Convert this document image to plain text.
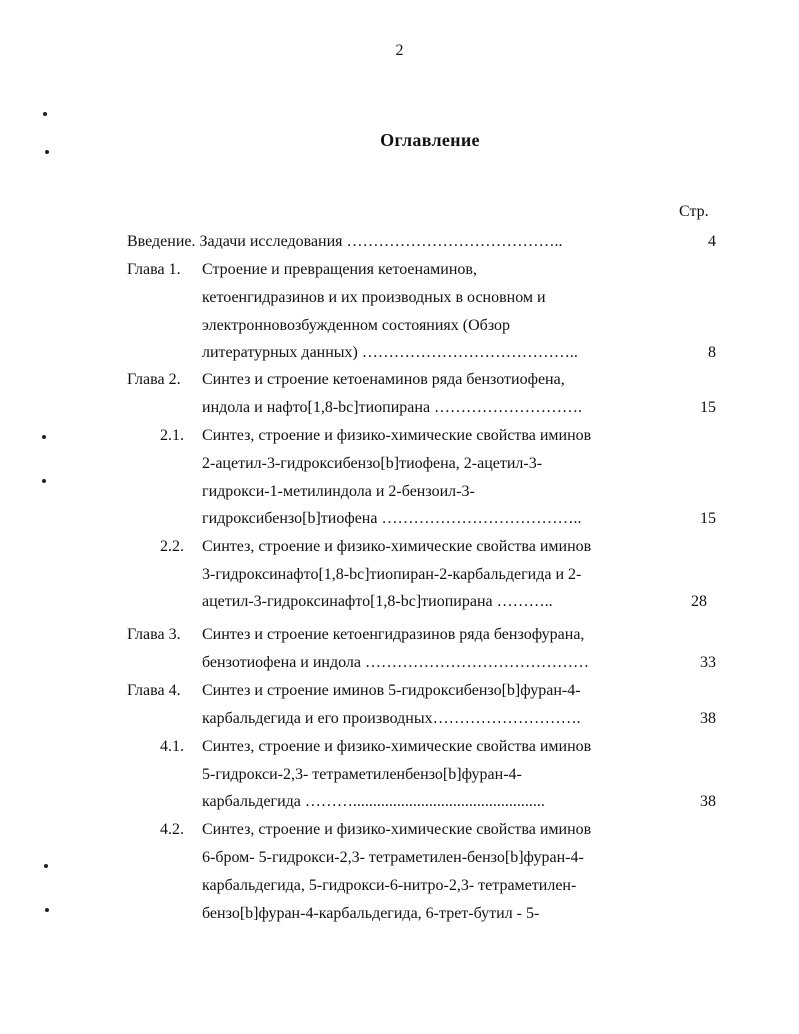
2
Оглавление
Стр.
Введение. Задачи исследования …………………………………..	4
Глава 1. Строение и превращения кетоенаминов,
кетоенгидразинов и их производных в основном и
электронновозбужденном состояниях (Обзор
литературных данных) …………………………………..	8
Глава 2. Синтез и строение кетоенаминов ряда бензотиофена,
индола и нафто[1,8-bc]тиопирана ……………………….	15
2.1. Синтез, строение и физико-химические свойства иминов
2-ацетил-3-гидроксибензо[b]тиофена, 2-ацетил-3-
гидрокси-1-метилиндола и 2-бензоил-3-
гидроксибензо[b]тиофена ………………………………..	15
2.2. Синтез, строение и физико-химические свойства иминов
3-гидроксинафто[1,8-bc]тиопиран-2-карбальдегида и 2-
ацетил-3-гидроксинафто[1,8-bc]тиопирана ………..	28
Глава 3. Синтез и строение кетоенгидразинов ряда бензофурана,
бензотиофена и индола ……………………………………	33
Глава 4. Синтез и строение иминов 5-гидроксибензо[b]фуран-4-
карбальдегида и его производных……………………….	38
4.1. Синтез, строение и физико-химические свойства иминов
5-гидрокси-2,3- тетраметиленбензо[b]фуран-4-
карбальдегида ………................................................	38
4.2. Синтез, строение и физико-химические свойства иминов
6-бром- 5-гидрокси-2,3- тетраметилен-бензо[b]фуран-4-
карбальдегида, 5-гидрокси-6-нитро-2,3- тетраметилен-
бензо[b]фуран-4-карбальдегида, 6-трет-бутил - 5-
